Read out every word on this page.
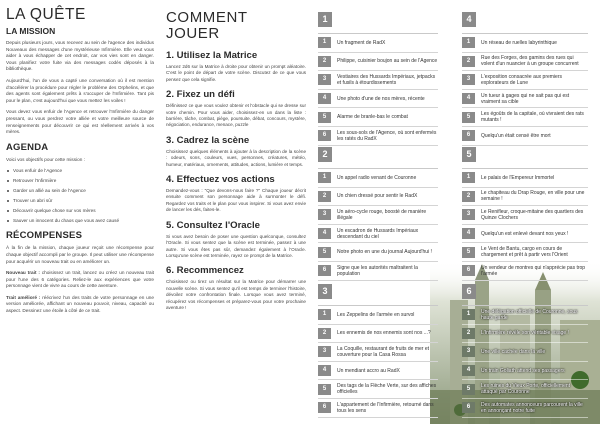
LA QUÊTE
LA MISSION

Depuis plusieurs jours, vous recevez au sein de l'agence des individus Nouveaux des messages d'une mystérieuse Infirmière. Elle veut vous aider à vous échapper de cet endroit, car vos vies sont en danger. Vous planifiez votre fuite via des messages codés déposés à la bibliothèque.

Aujourd'hui, l'un de vous a capté une conversation où il est mention d'accélérer la procédure pour régler le problème des Orphelins, et que des agents sont également prêts à s'occuper de l'Infirmière. Tant pis pour le plan, c'est aujourd'hui que vous mettez les voiles !

Vous devez vous enfuir de l'Agence et retrouver l'Infirmière du danger pressant, ou vous perdrez votre alliée et votre meilleure source de renseignements pour découvrir ce qui est réellement arrivés à vos mères.

AGENDA

Voici vos objectifs pour cette mission :

Vous enfuir de l'Agence
Retrouver l'Infirmière
Garder un allié au sein de l'Agence
Trouver un abri sûr
Découvrir quelque chose sur vos mères
Sauver un innocent du chaos que vous avez causé
RÉCOMPENSES

À la fin de la mission, chaque joueur reçoit une récompense pour chaque objectif accompli par le groupe. Il peut utiliser une récompense pour acquérir un nouveau trait ou en améliorer un.

Nouveau trait : choisissez un trait, lancez ou créez un nouveau trait pour l'une des 6 catégories. Reliez-le aux expériences que votre personnage vient de vivre au cours de cette aventure.

Trait amélioré : réécrivez l'un des traits de votre personnage en une version améliorée, affichant un nouveau pouvoir, niveau, capacité ou aspect. Dessinez une étoile à côté de ce trait.

COMMENT JOUER
1. Utilisez la Matrice

Lancez 2d6 sur la Matrice à droite pour obtenir un prompt aléatoire. C'est le point de départ de votre scène. Discutez de ce que vous pensez que cela signifie.

2. Fixez un défi

Définissez ce que vous voulez obtenir et l'obstacle qui se dresse sur votre chemin. Pour vous aider, choisissez-en un dans la liste : barrière, tâche, combat, piège, poursuite, débat, concours, mystère, négociation, endurance, menace, puzzle

3. Cadrez la scène

Choisissez quelques éléments à ajouter à la description de la scène : odeurs, sons, couleurs, vues, personnes, créatures, météo, humeur, matériaux, ornements, attitudes, actions, lumière et temps.

4. Effectuez vos actions

Demandez-vous : "Que devons-nous faire ?" Chaque joueur décrit ensuite comment son personnage aide à surmonter le défi. Regardez vos traits et le plan pour vous inspirer. Si vous avez envie de lancer les dés, faites-le.

5. Consultez l'Oracle

Si vous avez besoin de poser une question quelconque, consultez l'Oracle. Si vous sentez que la scène est terminée, passez à une autre. Si vous êtes pas sûr, demandez également à l'Oracle. Lorsqu'une scène est terminée, rayez ce prompt de la Matrice.

6. Recommencez

Choisissez ou tirez un résultat sur la Matrice pour démarrer une nouvelle scène. Si vous sentez qu'il est temps de terminer l'histoire, dévoilez votre confrontation finale. Lorsque vous avez terminé, récupérez vos récompenses et préparez-vous pour votre prochaine aventure !

1
1	Un fragment de RadX
2	Philippe, cuisinier boujon au sein de l'Agence
3	Vestiaires des Hussards Impériaux, jetpacks et fusils à étourdissements
4	Une photo d'une de nos mères, récente
5	Alarme de branle-bas le combat
6	Les sous-sols de l'Agence, où sont enfermés les ratés du RadX
2
1	Un appel radio venant de Couronne
2	Un chien dressé pour sentir le RadX
3	Un aéro-cycle rouge, boosté de manière illégale
4	Un escadron de Hussards Impériaux descendant du ciel
5	Notre photo en une du journal Aujourd'hui !
6	Signe que les autorités maltraitent la population
3
1	Les Zeppelins de l'armée en survol
2	Les ennemis de nos ennemis sont nos ...?
3	La Coquille, restaurant de fruits de mer et couverture pour la Casa Rossa
4	Un mendiant accro au RadX
5	Des tags de la Flèche Verte, sur des affiches officielles
6	L'appartement de l'Infirmière, retourné dans tous les sens
4
1	Un réseau de ruelles labyrinthique
2	Rue des Forges, des gamins des rues qui volent d'un nuancier à un groupe concurrent
3	L'exposition consacrée aux premiers explorateurs de Lune
4	Un tueur à gages qui ne sait pas qui est vraiment sa cible
5	Les égoûts de la capitale, où vivraient des rats mutants !
6	Quelqu'un était censé être mort
5
1	Le palais de l'Empereur Immortel
2	Le chapiteau du Drap Rouge, en ville pour une semaine !
3	Le Renifleur, croque-mitaine des quartiers des Quinze Clochers
4	Quelqu'un est enlevé devant nos yeux !
5	Le Vent de Bantu, cargo en cours de chargement et prêt à partir vers l'Orient
6	Un vendeur de montres qui n'apprécie pas trop l'armée
6
1	Une délégation officielle de Couronne, sous haute garde
2	L'Infirmière révèle son véritable visage !
3	Une ville cachée dans la ville
4	Un train Goliath attend ses passagers
5	Les ruines du Vieux Porte, officiellement attaqué par Couronne
6	Des automates annonceurs parcourent la ville en annonçant notre fuite
